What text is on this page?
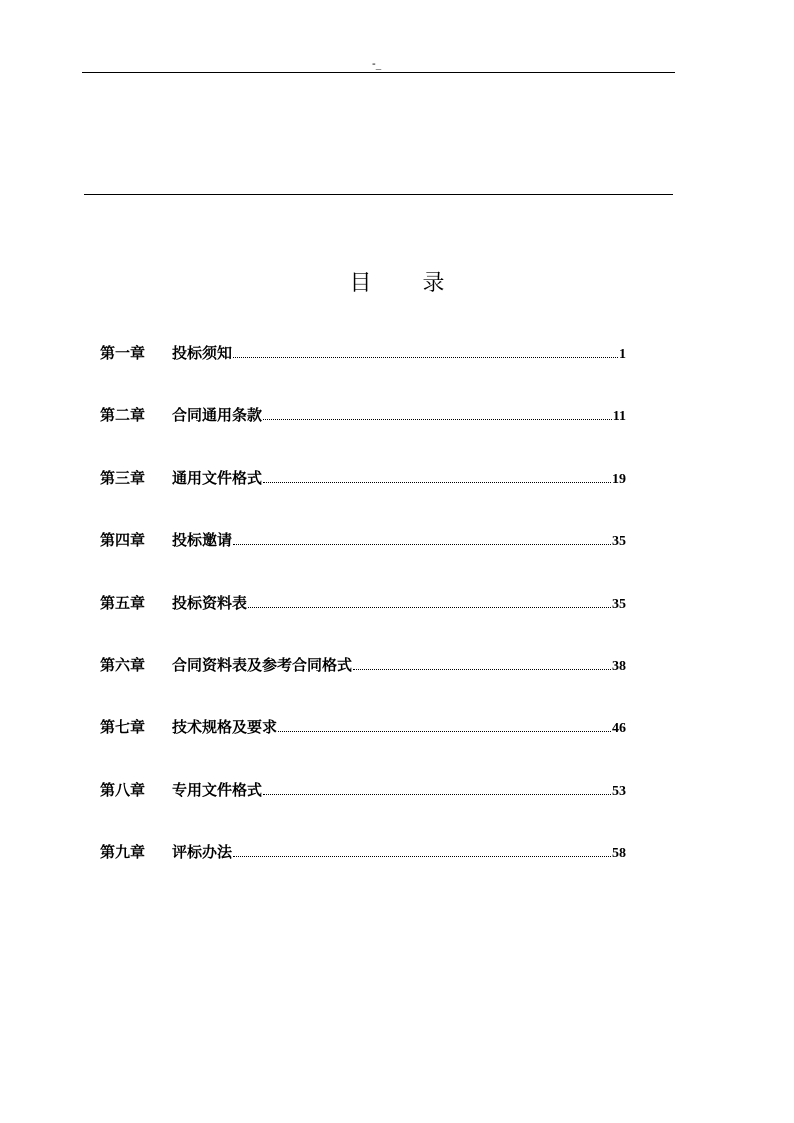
-_
目 录
第一章	投标须知	1
第二章	合同通用条款	11
第三章	通用文件格式	19
第四章	投标邀请	35
第五章	投标资料表	35
第六章	合同资料表及参考合同格式	38
第七章	技术规格及要求	46
第八章	专用文件格式	53
第九章	评标办法	58
